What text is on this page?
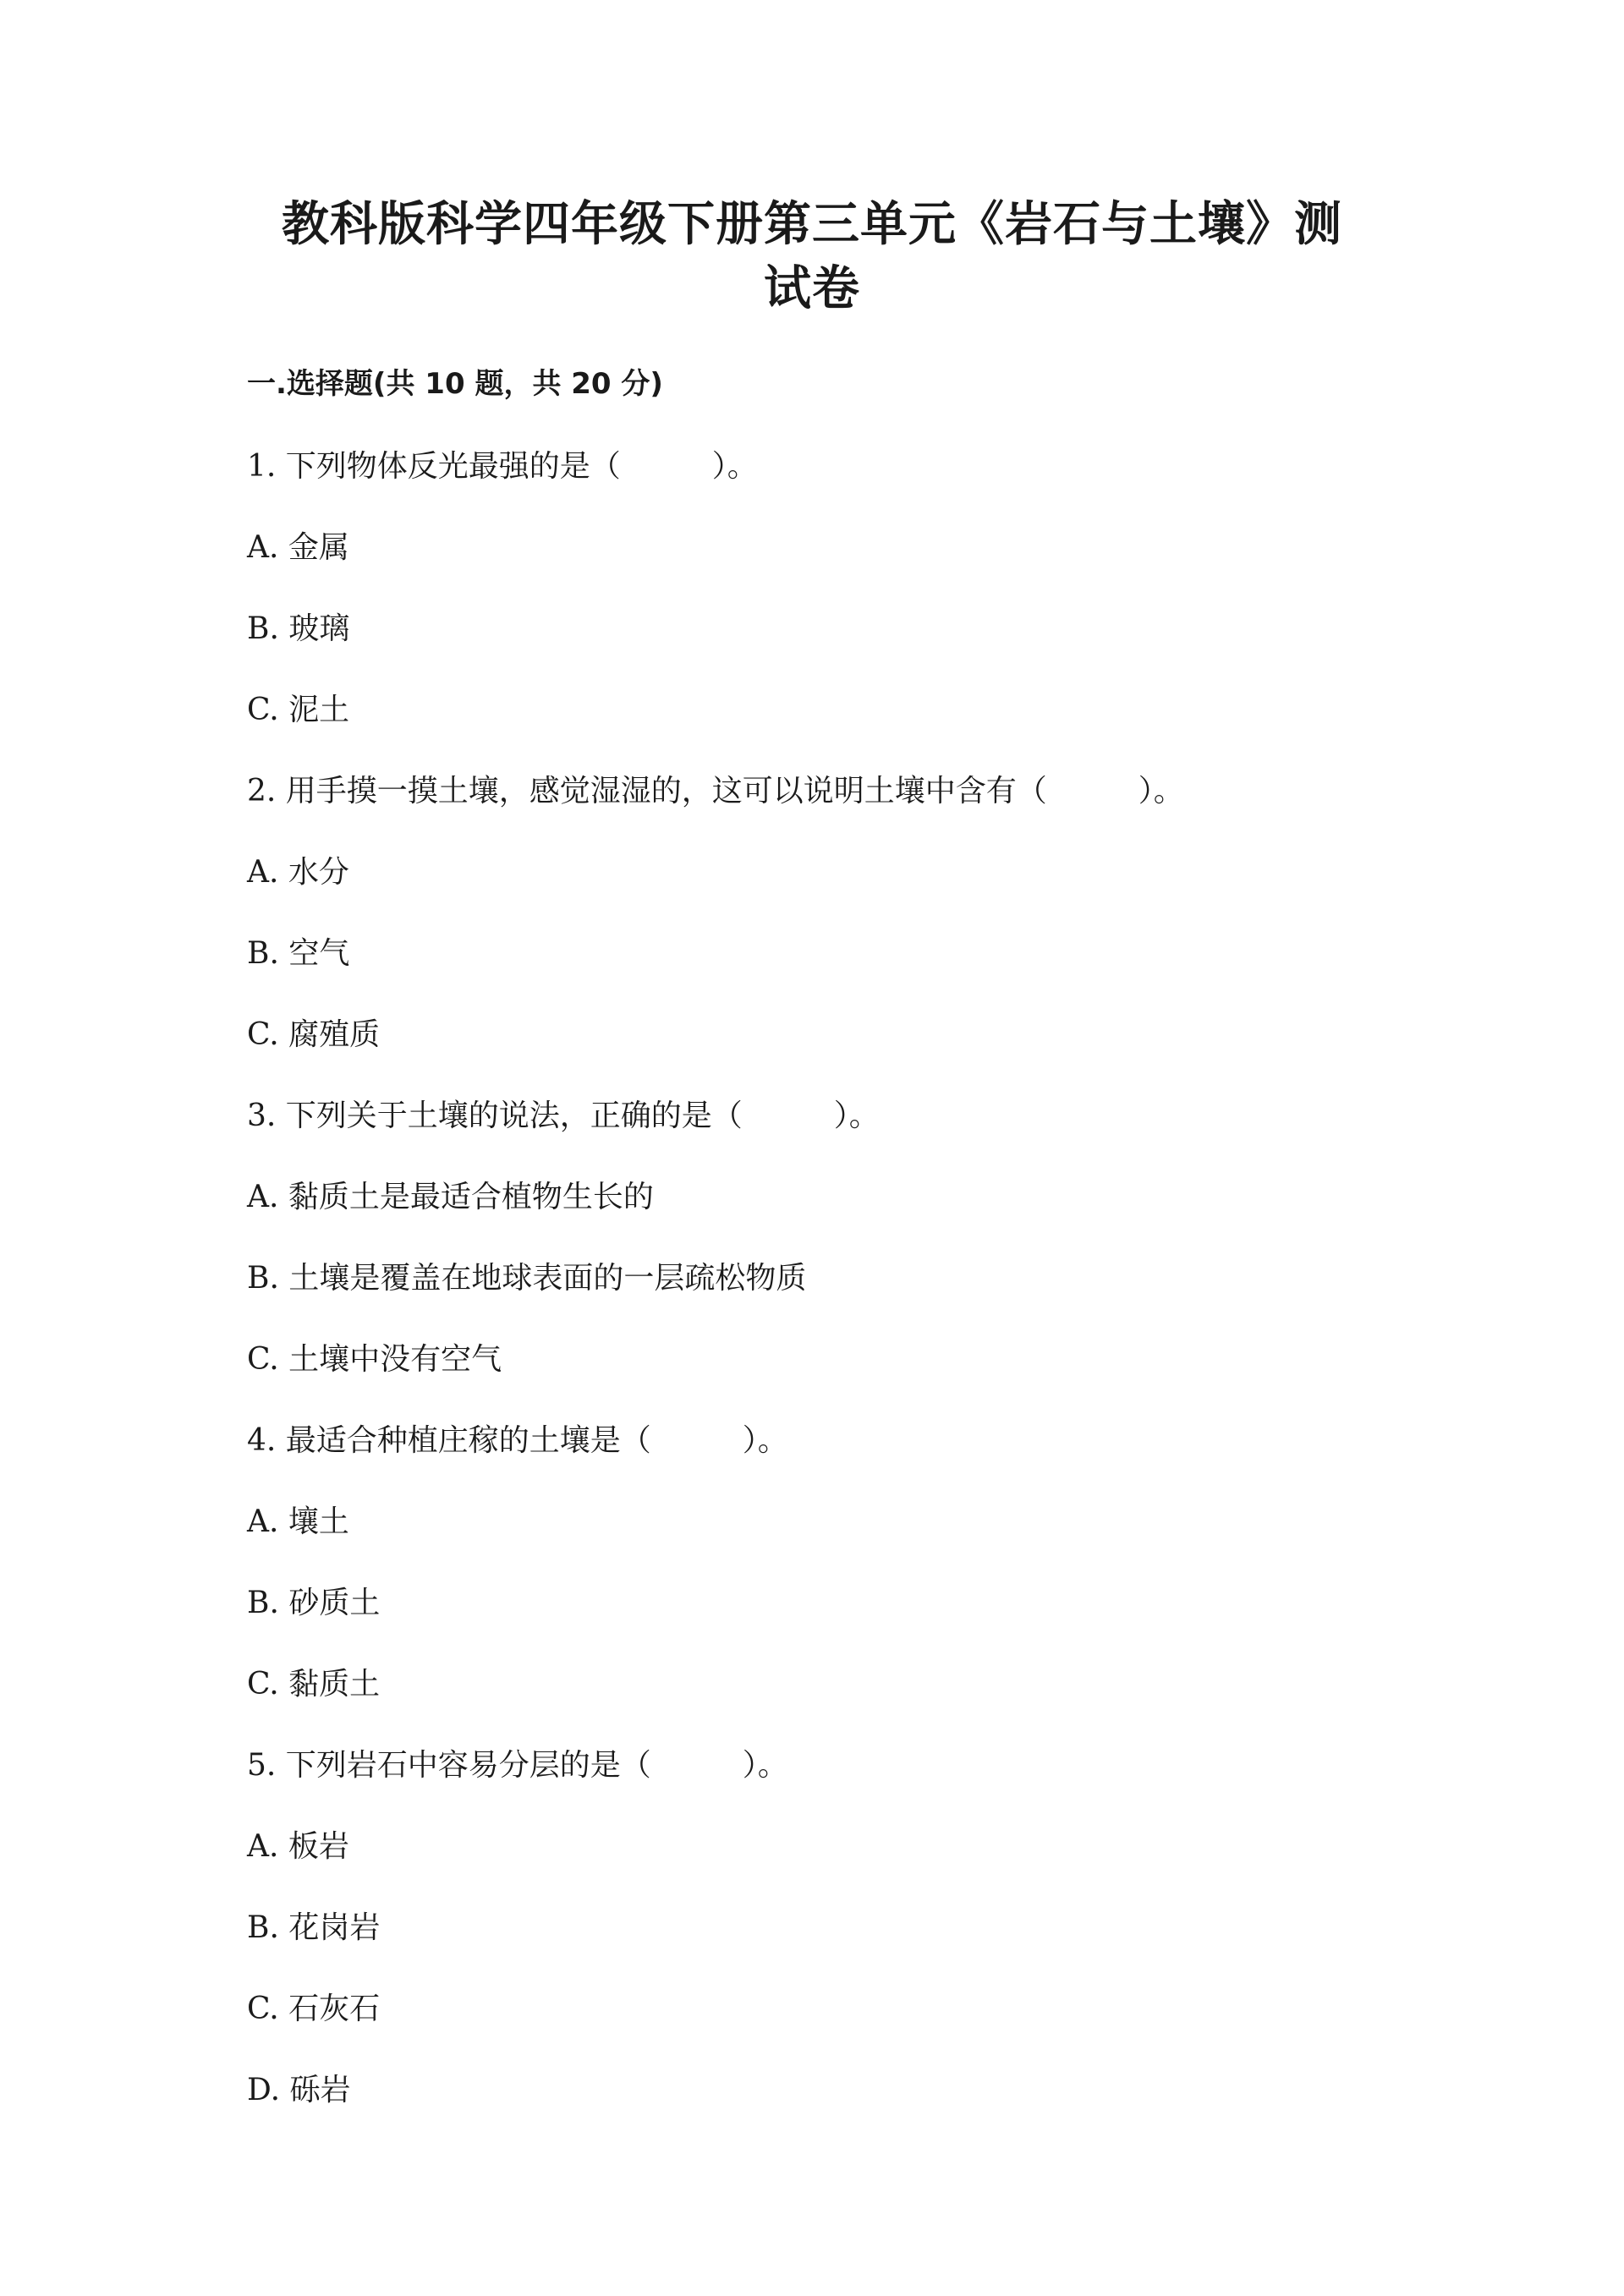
教科版科学四年级下册第三单元《岩石与土壤》测
试卷
一.选择题(共 10 题，共 20 分)
1. 下列物体反光最强的是（　　　）。
A. 金属
B. 玻璃
C. 泥土
2. 用手摸一摸土壤，感觉湿湿的，这可以说明土壤中含有（　　　）。
A. 水分
B. 空气
C. 腐殖质
3. 下列关于土壤的说法，正确的是（　　　）。
A. 黏质土是最适合植物生长的
B. 土壤是覆盖在地球表面的一层疏松物质
C. 土壤中没有空气
4. 最适合种植庄稼的土壤是（　　　）。
A. 壤土
B. 砂质土
C. 黏质土
5. 下列岩石中容易分层的是（　　　）。
A. 板岩
B. 花岗岩
C. 石灰石
D. 砾岩
